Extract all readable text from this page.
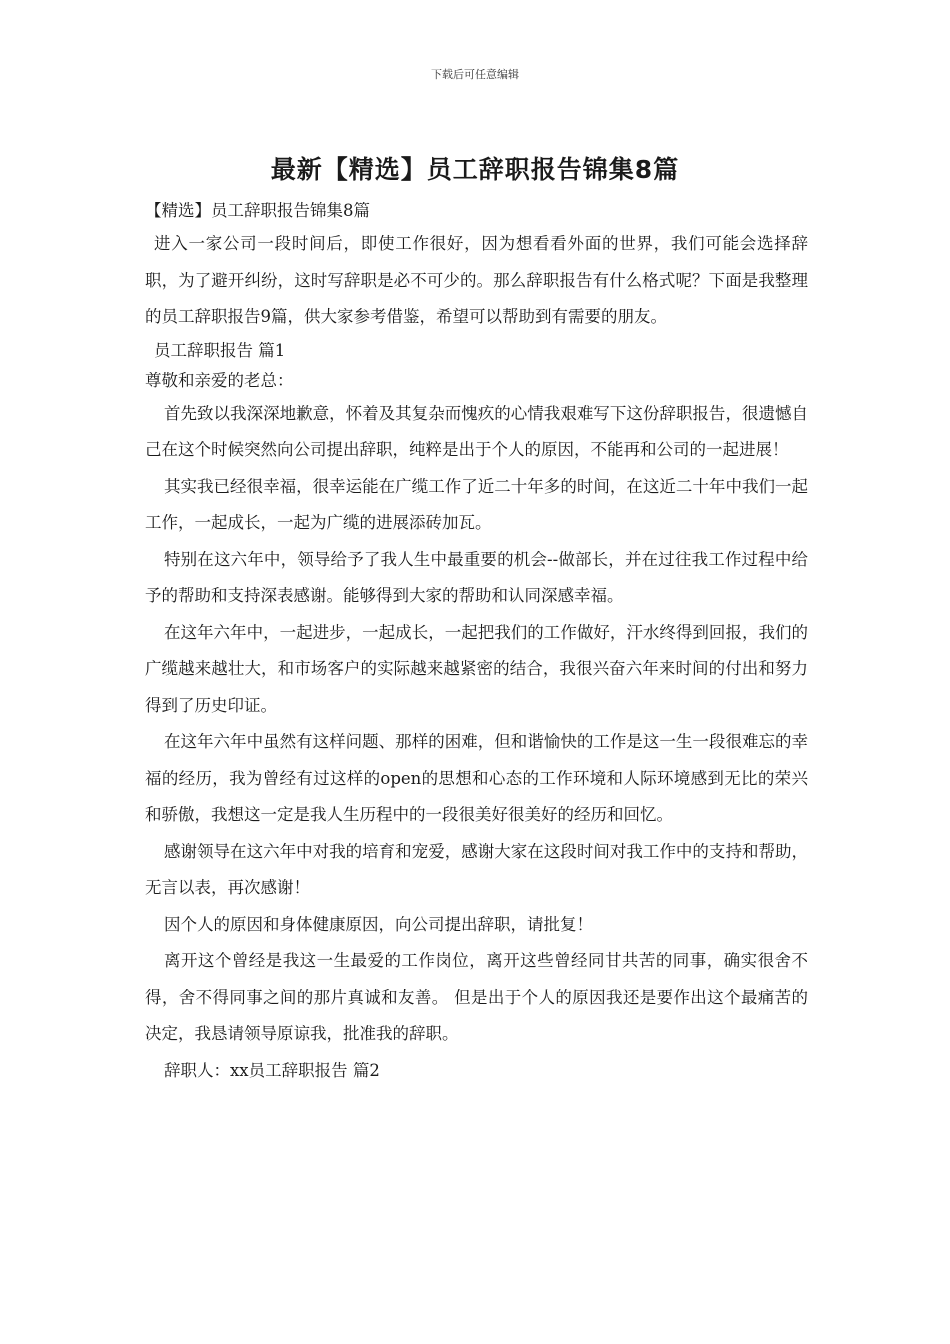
下载后可任意编辑
最新【精选】员工辞职报告锦集8篇

【精选】员工辞职报告锦集8篇

进入一家公司一段时间后，即使工作很好，因为想看看外面的世界，我们可能会选择辞职，为了避开纠纷，这时写辞职是必不可少的。那么辞职报告有什么格式呢？下面是我整理的员工辞职报告9篇，供大家参考借鉴，希望可以帮助到有需要的朋友。

员工辞职报告 篇1

尊敬和亲爱的老总：

首先致以我深深地歉意，怀着及其复杂而愧疚的心情我艰难写下这份辞职报告，很遗憾自己在这个时候突然向公司提出辞职，纯粹是出于个人的原因，不能再和公司的一起进展！

其实我已经很幸福，很幸运能在广缆工作了近二十年多的时间，在这近二十年中我们一起工作，一起成长，一起为广缆的进展添砖加瓦。

特别在这六年中，领导给予了我人生中最重要的机会--做部长，并在过往我工作过程中给予的帮助和支持深表感谢。能够得到大家的帮助和认同深感幸福。

在这年六年中，一起进步，一起成长，一起把我们的工作做好，汗水终得到回报，我们的广缆越来越壮大，和市场客户的实际越来越紧密的结合，我很兴奋六年来时间的付出和努力得到了历史印证。

在这年六年中虽然有这样问题、那样的困难，但和谐愉快的工作是这一生一段很难忘的幸福的经历，我为曾经有过这样的open的思想和心态的工作环境和人际环境感到无比的荣兴和骄傲，我想这一定是我人生历程中的一段很美好很美好的经历和回忆。

感谢领导在这六年中对我的培育和宠爱，感谢大家在这段时间对我工作中的支持和帮助，无言以表，再次感谢！

因个人的原因和身体健康原因，向公司提出辞职，请批复！

离开这个曾经是我这一生最爱的工作岗位，离开这些曾经同甘共苦的同事，确实很舍不得，舍不得同事之间的那片真诚和友善。 但是出于个人的原因我还是要作出这个最痛苦的决定，我恳请领导原谅我，批准我的辞职。

辞职人：xx员工辞职报告 篇2
